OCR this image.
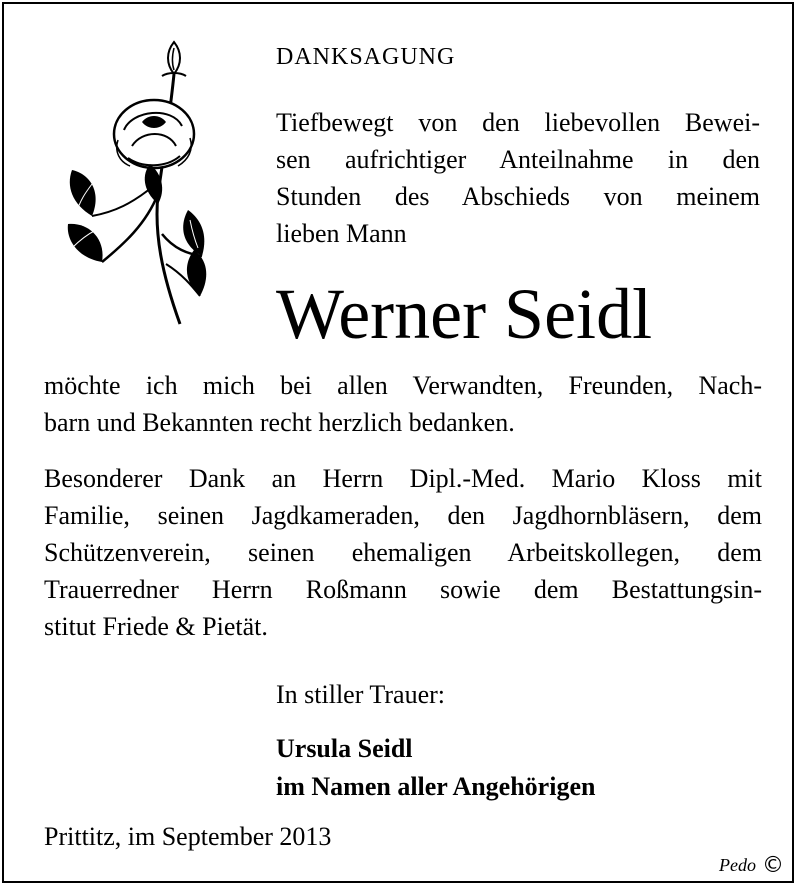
DANKSAGUNG
Tiefbewegt von den liebevollen Bewei-
sen aufrichtiger Anteilnahme in den
Stunden des Abschieds von meinem
lieben Mann
Werner Seidl
möchte ich mich bei allen Verwandten, Freunden, Nach-
barn und Bekannten recht herzlich bedanken.
Besonderer Dank an Herrn Dipl.-Med. Mario Kloss mit
Familie, seinen Jagdkameraden, den Jagdhornbläsern, dem
Schützenverein, seinen ehemaligen Arbeitskollegen, dem
Trauerredner Herrn Roßmann sowie dem Bestattungsin-
stitut Friede & Pietät.
In stiller Trauer:
Ursula Seidl
im Namen aller Angehörigen
Prittitz, im September 2013
Pedo ©
